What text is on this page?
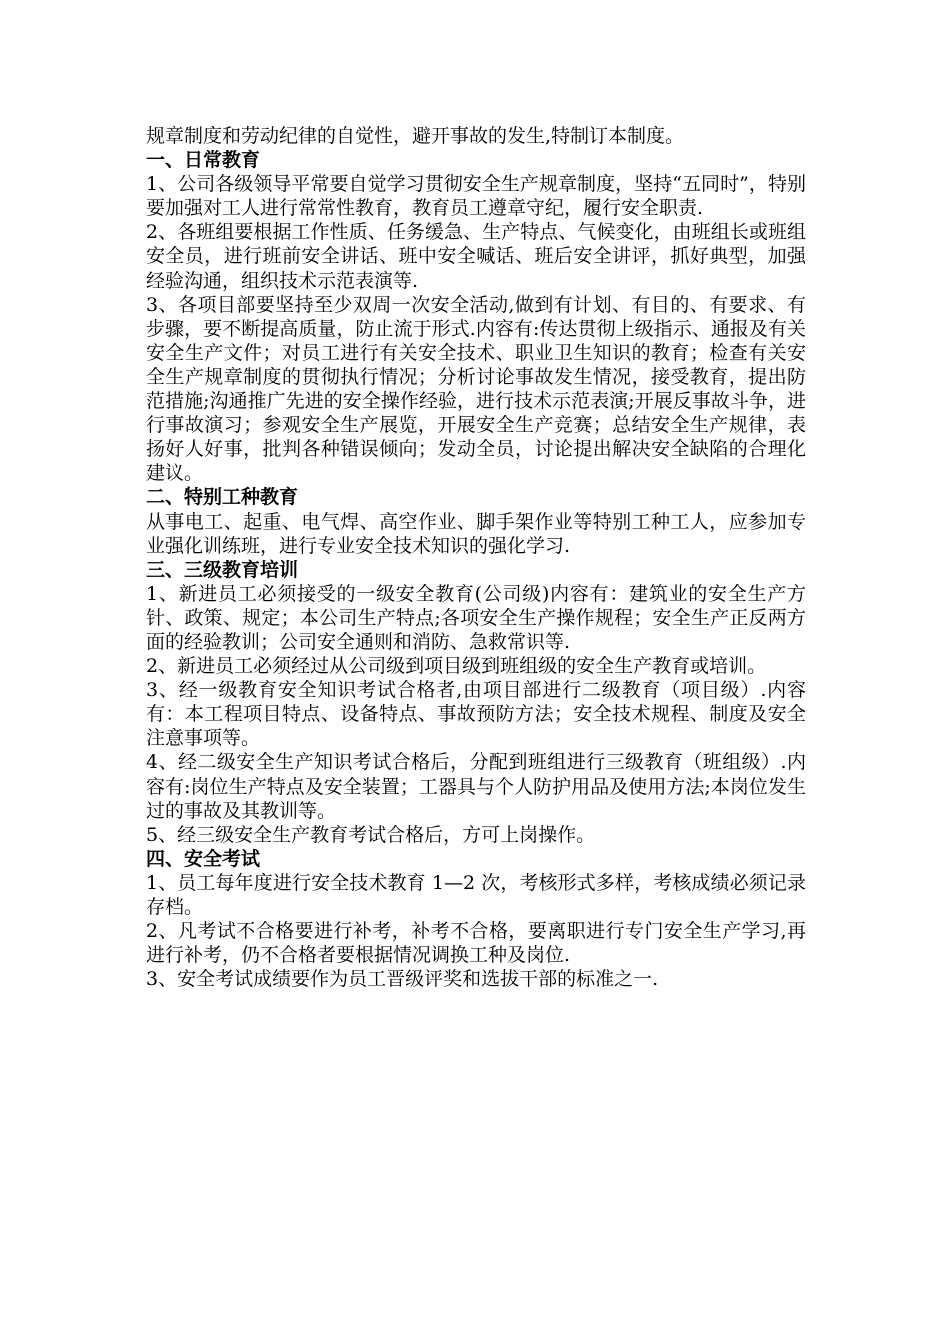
规章制度和劳动纪律的自觉性，避开事故的发生,特制订本制度。

一、日常教育

1、公司各级领导平常要自觉学习贯彻安全生产规章制度，坚持“五同时”，特别要加强对工人进行常常性教育，教育员工遵章守纪，履行安全职责.

2、各班组要根据工作性质、任务缓急、生产特点、气候变化，由班组长或班组安全员，进行班前安全讲话、班中安全喊话、班后安全讲评，抓好典型，加强经验沟通，组织技术示范表演等.

3、各项目部要坚持至少双周一次安全活动,做到有计划、有目的、有要求、有步骤，要不断提高质量，防止流于形式.内容有:传达贯彻上级指示、通报及有关安全生产文件；对员工进行有关安全技术、职业卫生知识的教育；检查有关安全生产规章制度的贯彻执行情况；分析讨论事故发生情况，接受教育，提出防范措施;沟通推广先进的安全操作经验，进行技术示范表演;开展反事故斗争，进行事故演习；参观安全生产展览，开展安全生产竞赛；总结安全生产规律，表扬好人好事，批判各种错误倾向；发动全员，讨论提出解决安全缺陷的合理化建议。

二、特别工种教育

从事电工、起重、电气焊、高空作业、脚手架作业等特别工种工人，应参加专业强化训练班，进行专业安全技术知识的强化学习.

三、三级教育培训

1、新进员工必须接受的一级安全教育(公司级)内容有：建筑业的安全生产方针、政策、规定；本公司生产特点;各项安全生产操作规程；安全生产正反两方面的经验教训；公司安全通则和消防、急救常识等.

2、新进员工必须经过从公司级到项目级到班组级的安全生产教育或培训。

3、经一级教育安全知识考试合格者,由项目部进行二级教育（项目级）.内容有：本工程项目特点、设备特点、事故预防方法；安全技术规程、制度及安全注意事项等。

4、经二级安全生产知识考试合格后，分配到班组进行三级教育（班组级）.内容有:岗位生产特点及安全装置；工器具与个人防护用品及使用方法;本岗位发生过的事故及其教训等。

5、经三级安全生产教育考试合格后，方可上岗操作。

四、安全考试

1、员工每年度进行安全技术教育 1—2 次，考核形式多样，考核成绩必须记录存档。

2、凡考试不合格要进行补考，补考不合格，要离职进行专门安全生产学习,再进行补考，仍不合格者要根据情况调换工种及岗位.

3、安全考试成绩要作为员工晋级评奖和选拔干部的标准之一.
